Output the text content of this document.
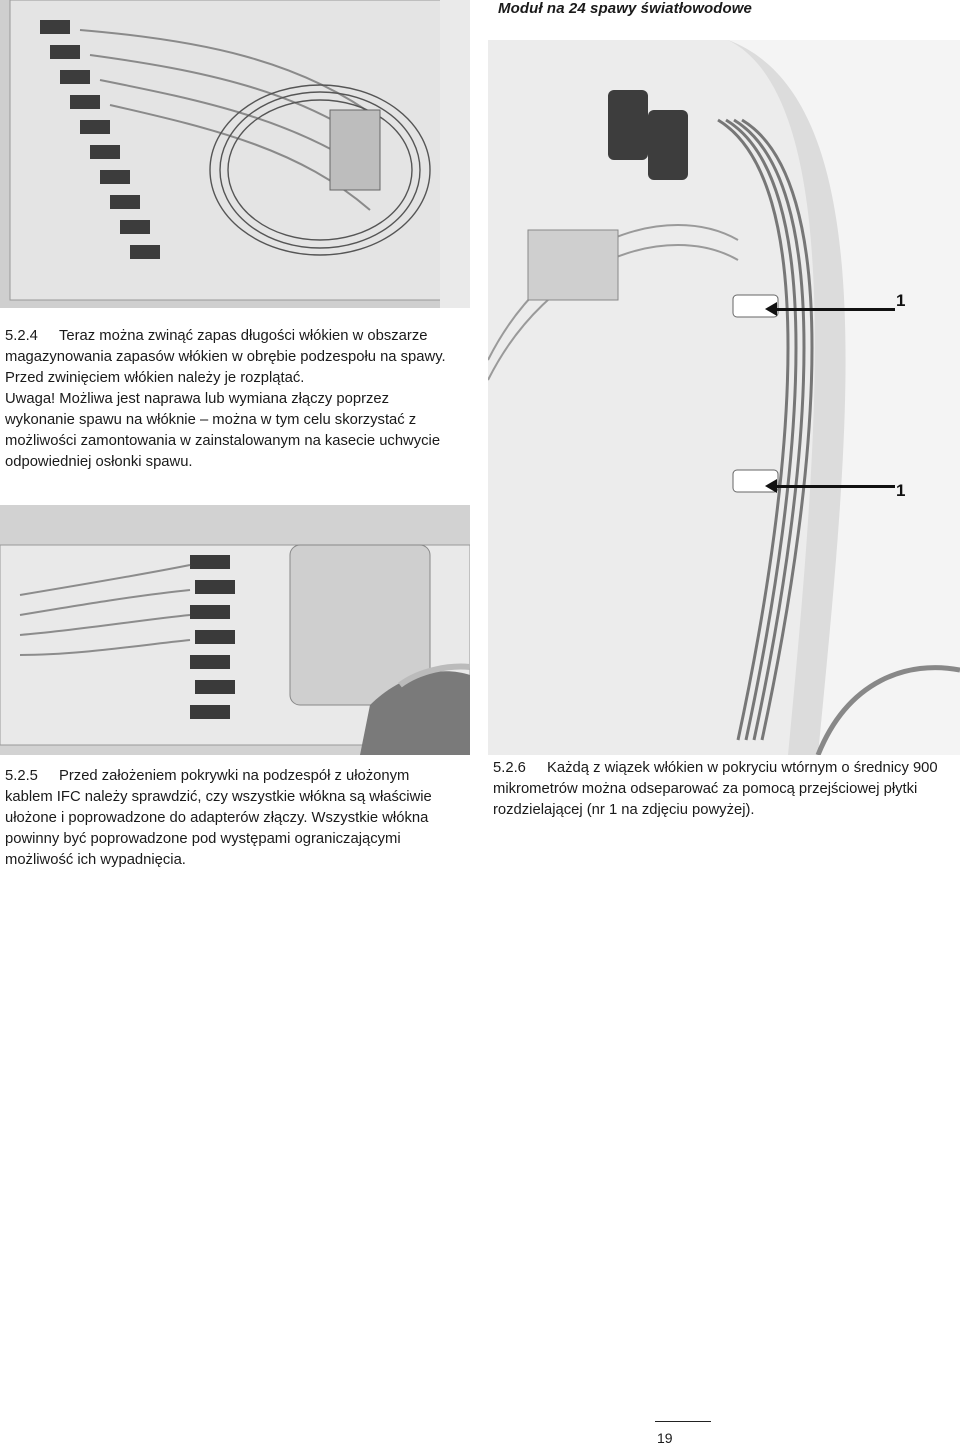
Moduł na 24 spawy światłowodowe
1
1

5.2.4 Teraz można zwinąć zapas długości włókien w obszarze

magazynowania zapasów włókien w obrębie podzespołu na spawy.

Przed zwinięciem włókien należy je rozplątać.

Uwaga! Możliwa jest naprawa lub wymiana złączy poprzez

wykonanie spawu na włóknie – można w tym celu skorzystać z

możliwości zamontowania w zainstalowanym na kasecie uchwycie

odpowiedniej osłonki spawu.

5.2.5 Przed założeniem pokrywki na podzespół z ułożonym

kablem IFC należy sprawdzić, czy wszystkie włókna są właściwie

ułożone i poprowadzone do adapterów złączy. Wszystkie włókna

powinny być poprowadzone pod występami ograniczającymi

możliwość ich wypadnięcia.

5.2.6 Każdą z wiązek włókien w pokryciu wtórnym o średnicy 900

mikrometrów można odseparować za pomocą przejściowej płytki

rozdzielającej (nr 1 na zdjęciu powyżej).

19
